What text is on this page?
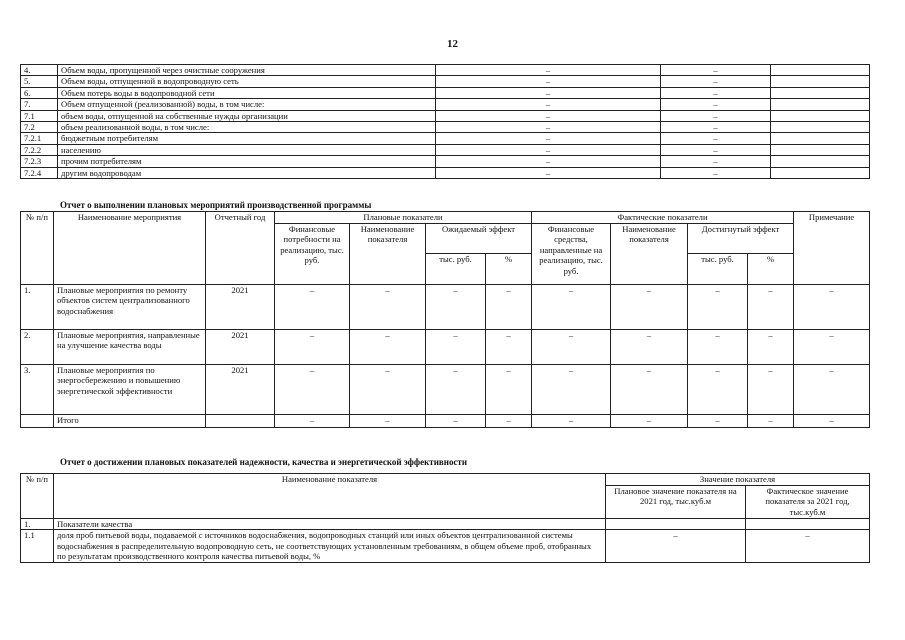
12
4.	Объем воды, пропущенной через очистные сооружения	–	–	
5.	Объем воды, отпущенной в водопроводную сеть	–	–	
6.	Объем потерь воды в водопроводной сети	–	–	
7.	Объем отпущенной (реализованной) воды, в том числе:	–	–	
7.1	объем воды, отпущенной на собственные нужды организации	–	–	
7.2	объем реализованной воды, в том числе:	–	–	
7.2.1	бюджетным потребителям	–	–	
7.2.2	населению	–	–	
7.2.3	прочим потребителям	–	–	
7.2.4	другим водопроводам	–	–	
Отчет о выполнении плановых мероприятий производственной программы
№ п/п	Наименование мероприятия	Отчетный год	Плановые показатели				Фактические показатели				Примечание
			Финансовые потребности на реализацию, тыс. руб.	Наименование показателя	Ожидаемый эффект		Финансовые средства, направленные на реализацию, тыс. руб.	Наименование показателя	Достигнутый эффект		
					тыс. руб.	%			тыс. руб.	%	
1.	Плановые мероприятия по ремонту объектов систем централизованного водоснабжения	2021	–	–	–	–	–	–	–	–	–
2.	Плановые мероприятия, направленные на улучшение качества воды	2021	–	–	–	–	–	–	–	–	–
3.	Плановые мероприятия по энергосбережению и повышению энергетической эффективности	2021	–	–	–	–	–	–	–	–	–
	Итого		–	–	–	–	–	–	–	–	–
Отчет о достижении плановых показателей надежности, качества и энергетической эффективности
№ п/п	Наименование показателя	Значение показателя	
		Плановое значение показателя на 2021 год, тыс.куб.м	Фактическое значение показателя за 2021 год, тыс.куб.м
1.	Показатели качества		
1.1	доля проб питьевой воды, подаваемой с источников водоснабжения, водопроводных станций или иных объектов централизованной системы водоснабжения в распределительную водопроводную сеть, не соответствующих установленным требованиям, в общем объеме проб, отобранных по результатам производственного контроля качества питьевой воды, %	–	–
